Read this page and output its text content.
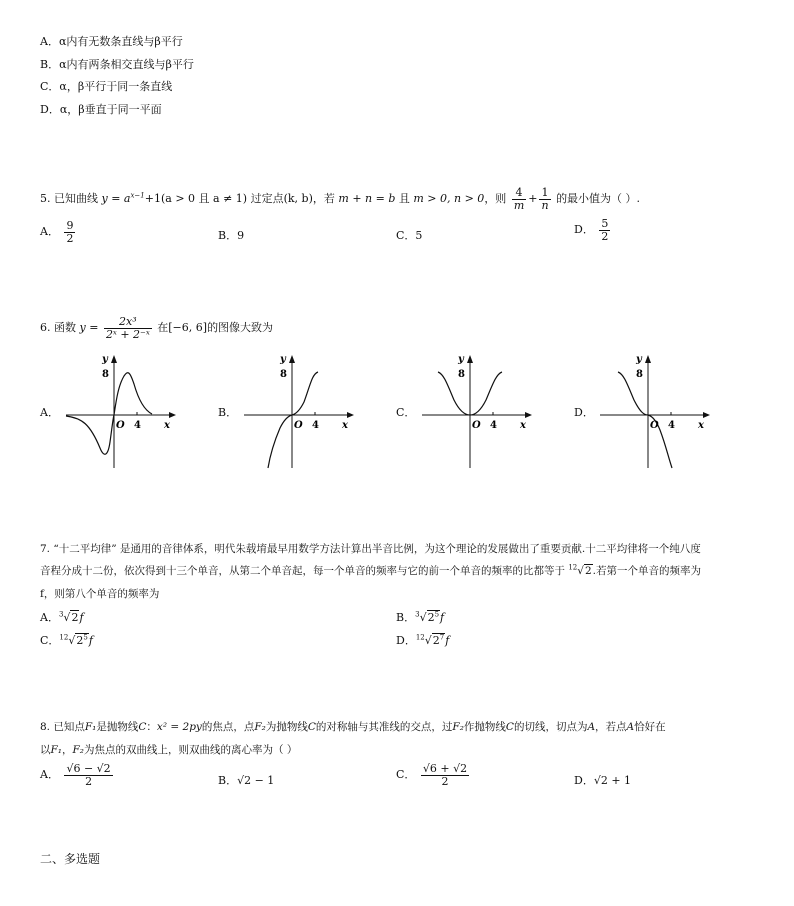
A．α内有无数条直线与β平行
B．α内有两条相交直线与β平行
C．α，β平行于同一条直线
D．α，β垂直于同一平面
5. 已知曲线 $y = a^{x-1}+1(a > 0$ 且 a ≠ 1) 过定点(k, b)，若 m + n = b 且 m > 0, n > 0，则 $\frac{4}{m} + \frac{1}{n}$ 的最小值为（ ）.
A． $\frac{9}{2}$	B．9	C．5	D． $\frac{5}{2}$
6. 函数 $y = \frac{\text{2x³}}{\text{2ˣ + 2⁻ˣ}}$ 在[−6, 6]的图像大致为
A．	B．	C．	D．
y
8
O 4 x
y
8
O 4 x
y
8
O 4 x
y
8
O 4 x
7. “十二平均律” 是通用的音律体系，明代朱载堉最早用数学方法计算出半音比例，为这个理论的发展做出了重要贡献.十二平均律将一个纯八度
音程分成十二份，依次得到十三个单音，从第二个单音起，每一个单音的频率与它的前一个单音的频率的比都等于 $^{12}$√2.若第一个单音的频率为
f，则第八个单音的频率为
A．$^3$√2f	B．$^3√2^5f$
C．$^{12}√2^5f$	D．$^{12}√2^7f$
8. 已知点F₁是抛物线C：x² = 2py的焦点，点F₂为抛物线C的对称轴与其准线的交点，过F₂作抛物线C的切线，切点为A，若点A恰好在
以F₁，F₂为焦点的双曲线上，则双曲线的离心率为（ ）
A． $\frac{√6 - √2}{2}$	B．√2 − 1	C． $\frac{√6 + √2}{2}$	D．√2 + 1
二、多选题
